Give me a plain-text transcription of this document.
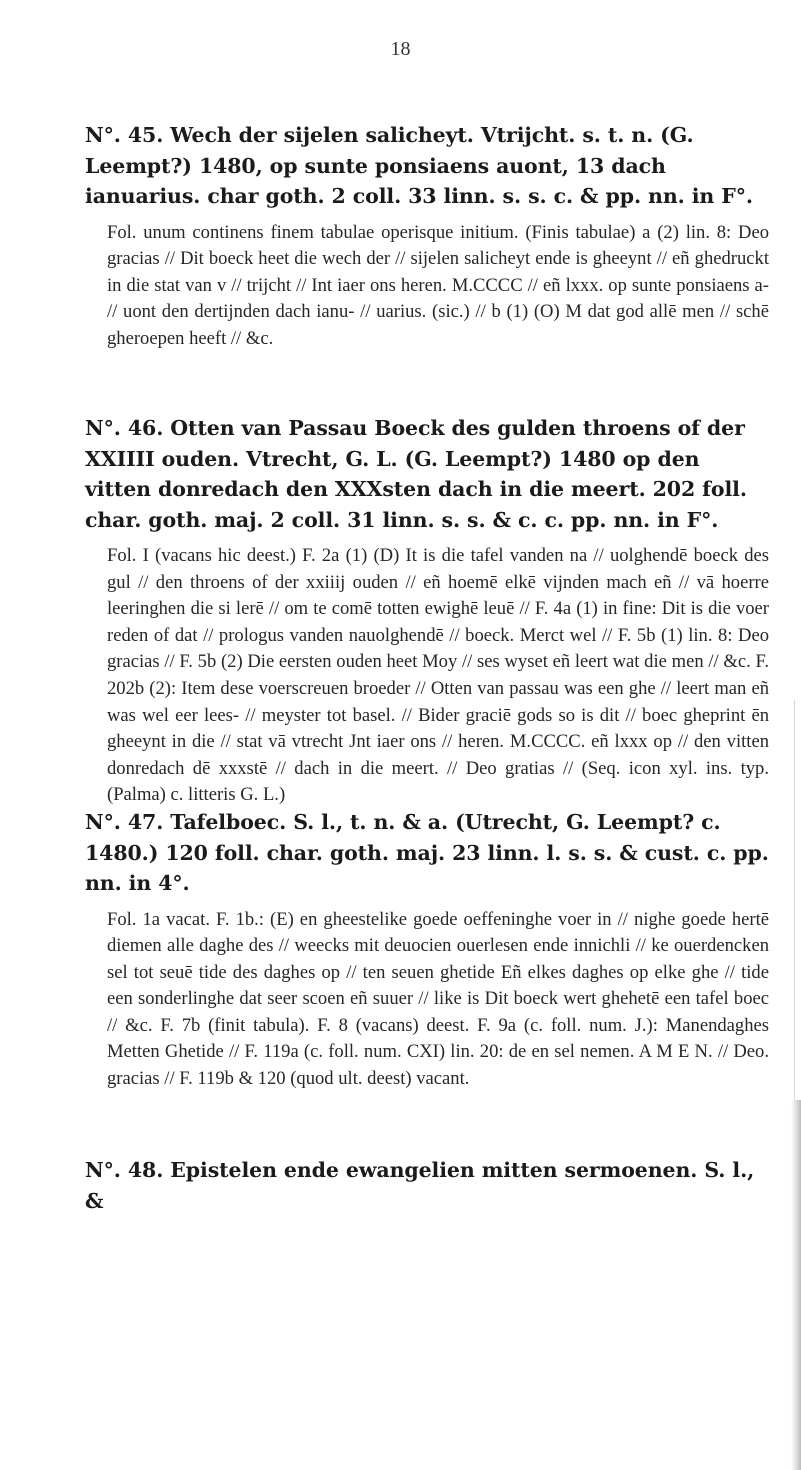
18
N°. 45. Wech der sijelen salicheyt. Vtrijcht. s. t. n. (G. Leempt?) 1480, op sunte ponsiaens auont, 13 dach ianuarius. char goth. 2 coll. 33 linn. s. s. c. & pp. nn. in F°.
Fol. unum continens finem tabulae operisque initium. (Finis tabulae) a (2) lin. 8: Deo gracias // Dit boeck heet die wech der // sijelen salicheyt ende is gheeynt // eñ ghedruckt in die stat van v // trijcht // Int iaer ons heren. M.CCCC // eñ lxxx. op sunte ponsiaens a- // uont den dertijnden dach ianu- // uarius. (sic.) // b (1) (O) M dat god allē men // schē gheroepen heeft // &c.
N°. 46. Otten van Passau Boeck des gulden throens of der XXIIII ouden. Vtrecht, G. L. (G. Leempt?) 1480 op den vitten donredach den XXXsten dach in die meert. 202 foll. char. goth. maj. 2 coll. 31 linn. s. s. & c. c. pp. nn. in F°.
Fol. I (vacans hic deest.) F. 2a (1) (D) It is die tafel vanden na // uolghendē boeck des gul // den throens of der xxiiij ouden // eñ hoemē elkē vijnden mach eñ // vā hoerre leeringhen die si lerē // om te comē totten ewighē leuē // F. 4a (1) in fine: Dit is die voer reden of dat // prologus vanden nauolghendē // boeck. Merct wel // F. 5b (1) lin. 8: Deo gracias // F. 5b (2) Die eersten ouden heet Moy // ses wyset eñ leert wat die men // &c. F. 202b (2): Item dese voerscreuen broeder // Otten van passau was een ghe // leert man eñ was wel eer lees- // meyster tot basel. // Bider graciē gods so is dit // boec gheprint ēn gheeynt in die // stat vā vtrecht Jnt iaer ons // heren. M.CCCC. eñ lxxx op // den vitten donredach dē xxxstē // dach in die meert. // Deo gratias // (Seq. icon xyl. ins. typ. (Palma) c. litteris G. L.)
N°. 47. Tafelboec. S. l., t. n. & a. (Utrecht, G. Leempt? c. 1480.) 120 foll. char. goth. maj. 23 linn. l. s. s. & cust. c. pp. nn. in 4°.
Fol. 1a vacat. F. 1b.: (E) en gheestelike goede oeffeninghe voer in // nighe goede hertē diemen alle daghe des // weecks mit deuocien ouerlesen ende innichli // ke ouerdencken sel tot seuē tide des daghes op // ten seuen ghetide Eñ elkes daghes op elke ghe // tide een sonderlinghe dat seer scoen eñ suuer // like is Dit boeck wert ghehetē een tafel boec // &c. F. 7b (finit tabula). F. 8 (vacans) deest. F. 9a (c. foll. num. J.): Manendaghes Metten Ghetide // F. 119a (c. foll. num. CXI) lin. 20: de en sel nemen. A M E N. // Deo. gracias // F. 119b & 120 (quod ult. deest) vacant.
N°. 48. Epistelen ende ewangelien mitten sermoenen. S. l., &
